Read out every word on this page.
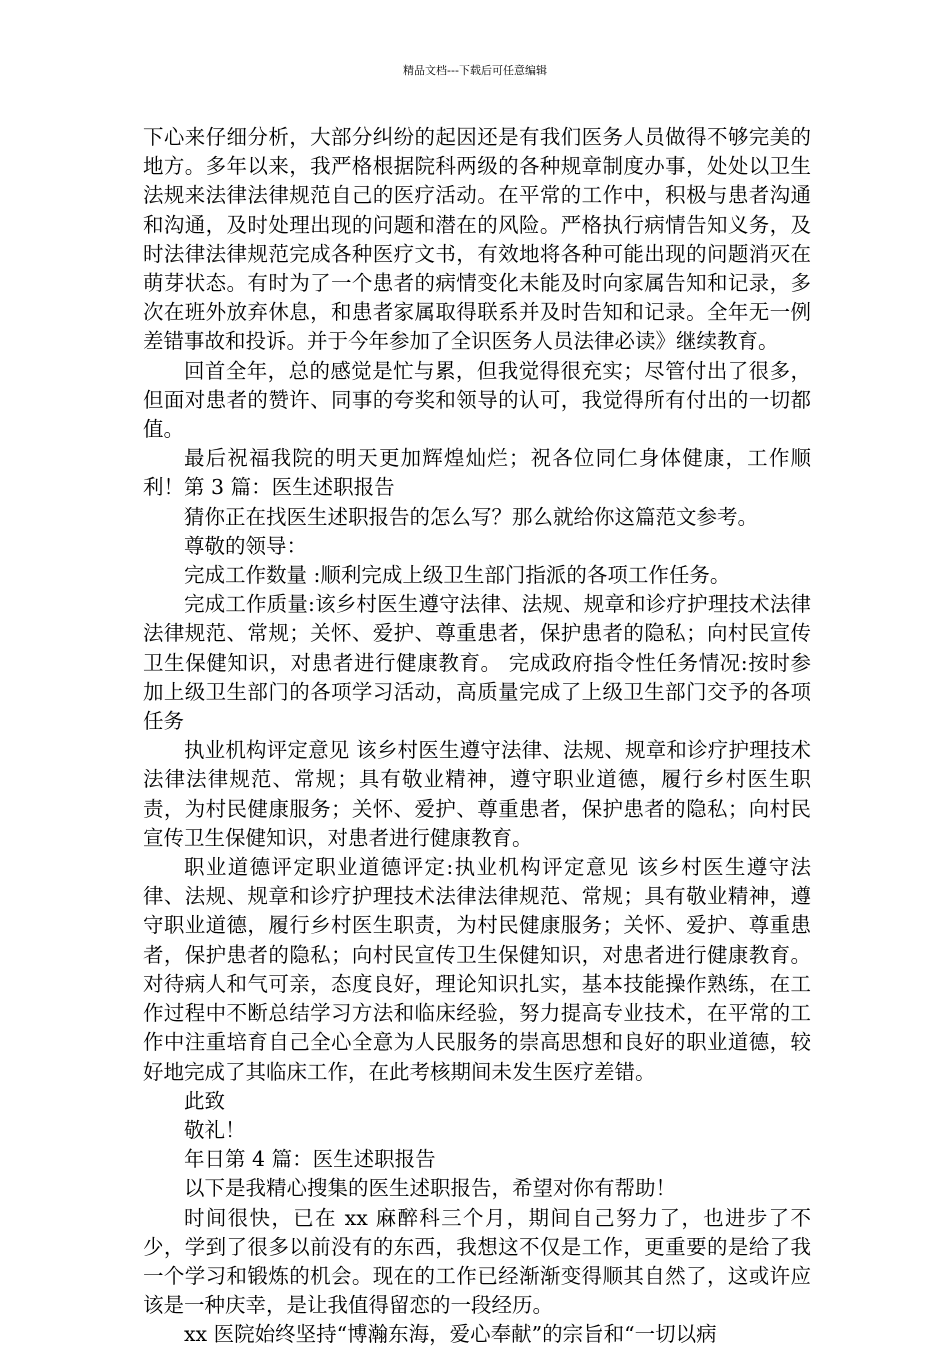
精品文档---下载后可任意编辑

下心来仔细分析，大部分纠纷的起因还是有我们医务人员做得不够完美的地方。多年以来，我严格根据院科两级的各种规章制度办事，处处以卫生法规来法律法律规范自己的医疗活动。在平常的工作中，积极与患者沟通和沟通，及时处理出现的问题和潜在的风险。严格执行病情告知义务，及时法律法律规范完成各种医疗文书，有效地将各种可能出现的问题消灭在萌芽状态。有时为了一个患者的病情变化未能及时向家属告知和记录，多次在班外放弃休息，和患者家属取得联系并及时告知和记录。全年无一例差错事故和投诉。并于今年参加了全识医务人员法律必读》继续教育。

回首全年，总的感觉是忙与累，但我觉得很充实；尽管付出了很多，但面对患者的赞许、同事的夸奖和领导的认可，我觉得所有付出的一切都值。

最后祝福我院的明天更加辉煌灿烂；祝各位同仁身体健康，工作顺利！第 3 篇：医生述职报告

猜你正在找医生述职报告的怎么写？那么就给你这篇范文参考。

尊敬的领导：

完成工作数量 :顺利完成上级卫生部门指派的各项工作任务。

完成工作质量:该乡村医生遵守法律、法规、规章和诊疗护理技术法律法律规范、常规；关怀、爱护、尊重患者，保护患者的隐私；向村民宣传卫生保健知识，对患者进行健康教育。 完成政府指令性任务情况:按时参加上级卫生部门的各项学习活动，高质量完成了上级卫生部门交予的各项任务

执业机构评定意见 该乡村医生遵守法律、法规、规章和诊疗护理技术法律法律规范、常规；具有敬业精神，遵守职业道德，履行乡村医生职责，为村民健康服务；关怀、爱护、尊重患者，保护患者的隐私；向村民宣传卫生保健知识，对患者进行健康教育。

职业道德评定职业道德评定:执业机构评定意见 该乡村医生遵守法律、法规、规章和诊疗护理技术法律法律规范、常规；具有敬业精神，遵守职业道德，履行乡村医生职责，为村民健康服务；关怀、爱护、尊重患者，保护患者的隐私；向村民宣传卫生保健知识，对患者进行健康教育。对待病人和气可亲，态度良好，理论知识扎实，基本技能操作熟练，在工作过程中不断总结学习方法和临床经验，努力提高专业技术，在平常的工作中注重培育自己全心全意为人民服务的崇高思想和良好的职业道德，较好地完成了其临床工作，在此考核期间未发生医疗差错。

此致

敬礼！

年日第 4 篇：医生述职报告

以下是我精心搜集的医生述职报告，希望对你有帮助！

时间很快，已在 xx 麻醉科三个月，期间自己努力了，也进步了不少，学到了很多以前没有的东西，我想这不仅是工作，更重要的是给了我一个学习和锻炼的机会。现在的工作已经渐渐变得顺其自然了，这或许应该是一种庆幸，是让我值得留恋的一段经历。

xx 医院始终坚持“博瀚东海，爱心奉献”的宗旨和“一切以病
